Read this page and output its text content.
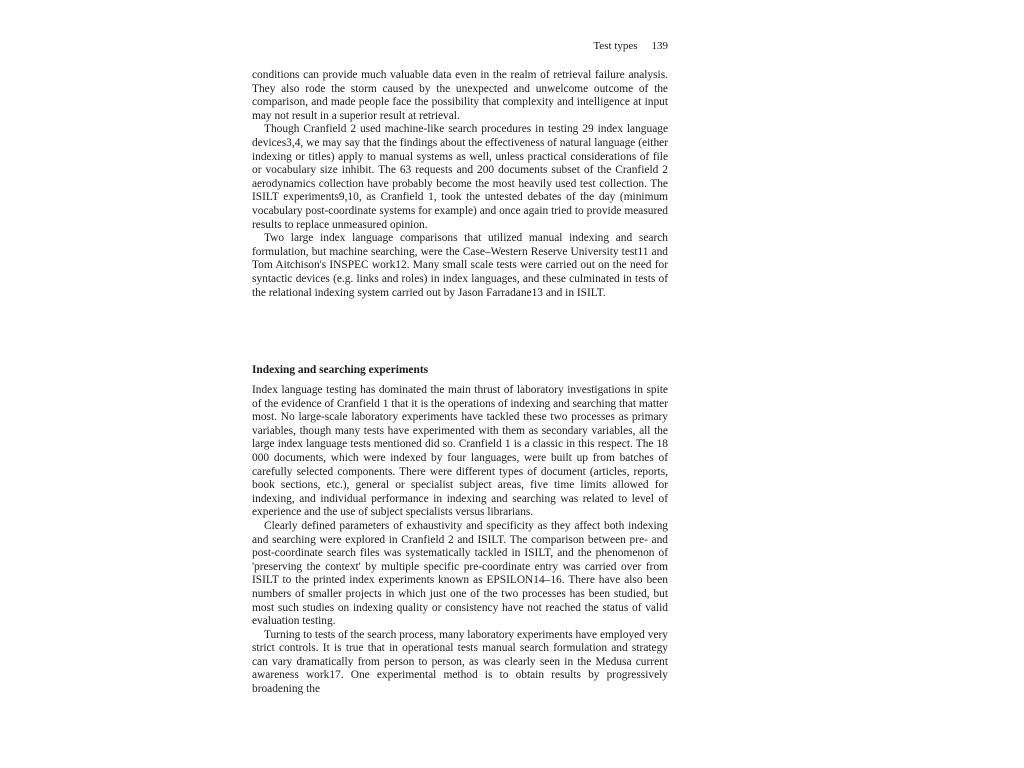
Test types 139

conditions can provide much valuable data even in the realm of retrieval failure analysis. They also rode the storm caused by the unexpected and unwelcome outcome of the comparison, and made people face the possibility that complexity and intelligence at input may not result in a superior result at retrieval.

Though Cranfield 2 used machine-like search procedures in testing 29 index language devices3,4, we may say that the findings about the effectiveness of natural language (either indexing or titles) apply to manual systems as well, unless practical considerations of file or vocabulary size inhibit. The 63 requests and 200 documents subset of the Cranfield 2 aerodynamics collection have probably become the most heavily used test collection. The ISILT experiments9,10, as Cranfield 1, took the untested debates of the day (minimum vocabulary post-coordinate systems for example) and once again tried to provide measured results to replace unmeasured opinion.

Two large index language comparisons that utilized manual indexing and search formulation, but machine searching, were the Case–Western Reserve University test11 and Tom Aitchison's INSPEC work12. Many small scale tests were carried out on the need for syntactic devices (e.g. links and roles) in index languages, and these culminated in tests of the relational indexing system carried out by Jason Farradane13 and in ISILT.

Indexing and searching experiments

Index language testing has dominated the main thrust of laboratory investigations in spite of the evidence of Cranfield 1 that it is the operations of indexing and searching that matter most. No large-scale laboratory experiments have tackled these two processes as primary variables, though many tests have experimented with them as secondary variables, all the large index language tests mentioned did so. Cranfield 1 is a classic in this respect. The 18 000 documents, which were indexed by four languages, were built up from batches of carefully selected components. There were different types of document (articles, reports, book sections, etc.), general or specialist subject areas, five time limits allowed for indexing, and individual performance in indexing and searching was related to level of experience and the use of subject specialists versus librarians.

Clearly defined parameters of exhaustivity and specificity as they affect both indexing and searching were explored in Cranfield 2 and ISILT. The comparison between pre- and post-coordinate search files was systematically tackled in ISILT, and the phenomenon of 'preserving the context' by multiple specific pre-coordinate entry was carried over from ISILT to the printed index experiments known as EPSILON14–16. There have also been numbers of smaller projects in which just one of the two processes has been studied, but most such studies on indexing quality or consistency have not reached the status of valid evaluation testing.

Turning to tests of the search process, many laboratory experiments have employed very strict controls. It is true that in operational tests manual search formulation and strategy can vary dramatically from person to person, as was clearly seen in the Medusa current awareness work17. One experimental method is to obtain results by progressively broadening the
